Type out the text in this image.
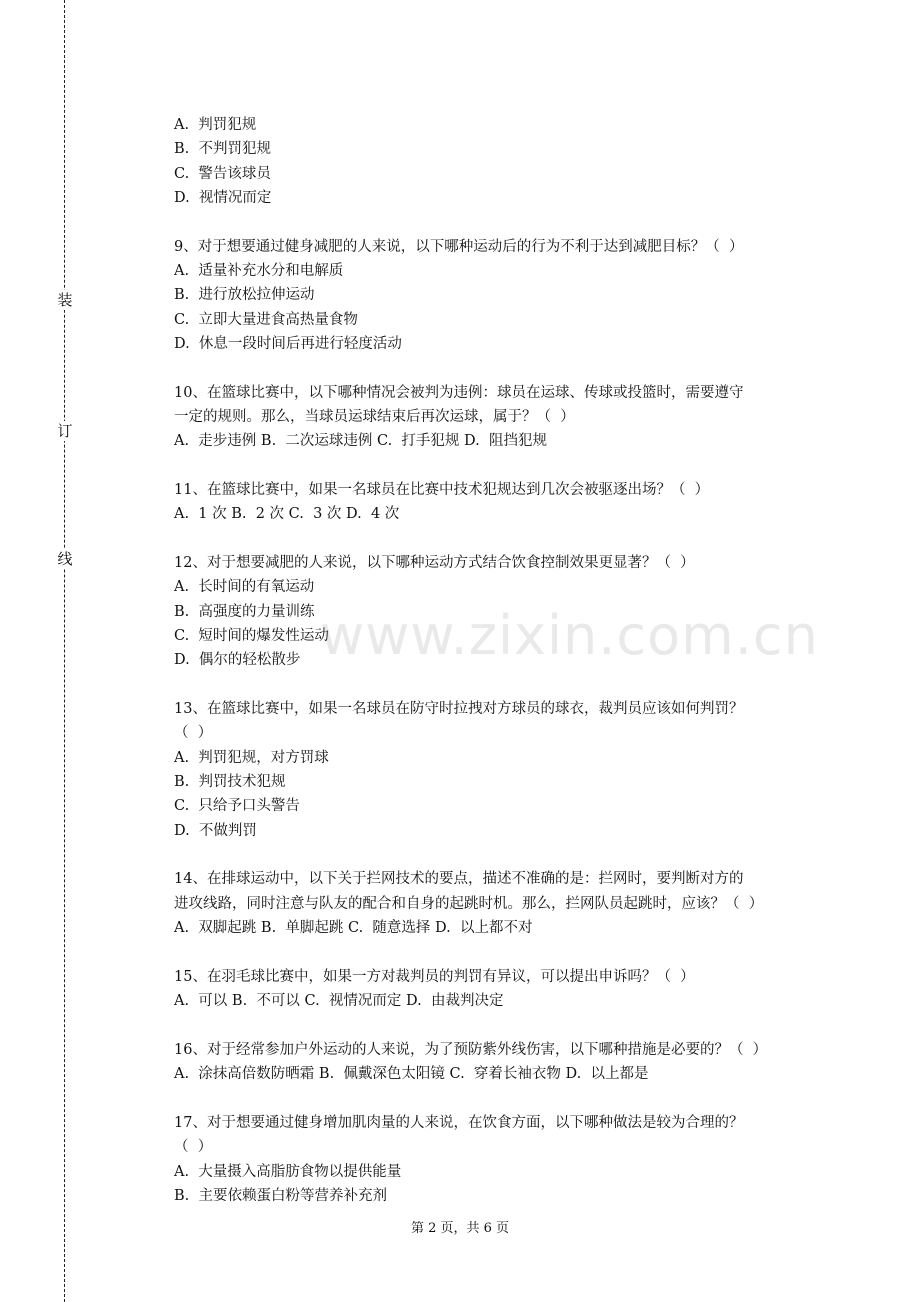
装
订
线

A.  判罚犯规

B.  不判罚犯规

C.  警告该球员

D.  视情况而定

9、对于想要通过健身减肥的人来说，以下哪种运动后的行为不利于达到减肥目标？（  ）

A.  适量补充水分和电解质

B.  进行放松拉伸运动

C.  立即大量进食高热量食物

D.  休息一段时间后再进行轻度活动

10、在篮球比赛中，以下哪种情况会被判为违例：球员在运球、传球或投篮时，需要遵守

一定的规则。那么，当球员运球结束后再次运球，属于？（  ）

A.  走步违例 B.  二次运球违例 C.  打手犯规 D.  阻挡犯规

11、在篮球比赛中，如果一名球员在比赛中技术犯规达到几次会被驱逐出场？（  ）

A.  1 次 B.  2 次 C.  3 次 D.  4 次

12、对于想要减肥的人来说，以下哪种运动方式结合饮食控制效果更显著？（  ）

A.  长时间的有氧运动

B.  高强度的力量训练

C.  短时间的爆发性运动

D.  偶尔的轻松散步

13、在篮球比赛中，如果一名球员在防守时拉拽对方球员的球衣，裁判员应该如何判罚？

（  ）

A.  判罚犯规，对方罚球

B.  判罚技术犯规

C.  只给予口头警告

D.  不做判罚

14、在排球运动中，以下关于拦网技术的要点，描述不准确的是：拦网时，要判断对方的

进攻线路，同时注意与队友的配合和自身的起跳时机。那么，拦网队员起跳时，应该？（  ）

A.  双脚起跳 B.  单脚起跳 C.  随意选择 D.  以上都不对

15、在羽毛球比赛中，如果一方对裁判员的判罚有异议，可以提出申诉吗？（  ）

A.  可以 B.  不可以 C.  视情况而定 D.  由裁判决定

16、对于经常参加户外运动的人来说，为了预防紫外线伤害，以下哪种措施是必要的？（  ）

A.  涂抹高倍数防晒霜 B.  佩戴深色太阳镜 C.  穿着长袖衣物 D.  以上都是

17、对于想要通过健身增加肌肉量的人来说，在饮食方面，以下哪种做法是较为合理的？

（  ）

A.  大量摄入高脂肪食物以提供能量

B.  主要依赖蛋白粉等营养补充剂

www.zixin.com.cn
第 2 页，共 6 页
